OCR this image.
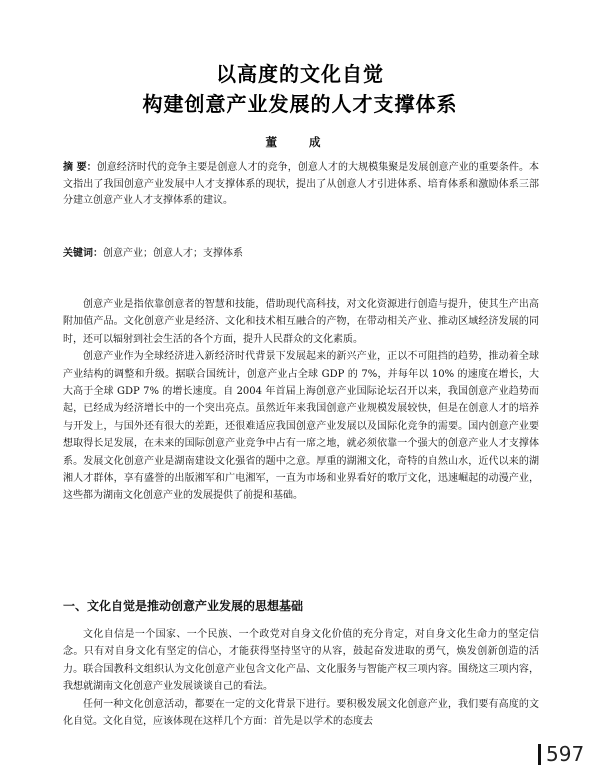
以高度的文化自觉
构建创意产业发展的人才支撑体系
董 成
摘 要：创意经济时代的竞争主要是创意人才的竞争，创意人才的大规模集聚是发展创意产业的重要条件。本文指出了我国创意产业发展中人才支撑体系的现状，提出了从创意人才引进体系、培育体系和激励体系三部分建立创意产业人才支撑体系的建议。
关键词：创意产业；创意人才；支撑体系

创意产业是指依靠创意者的智慧和技能，借助现代高科技，对文化资源进行创造与提升，使其生产出高附加值产品。文化创意产业是经济、文化和技术相互融合的产物，在带动相关产业、推动区域经济发展的同时，还可以辐射到社会生活的各个方面，提升人民群众的文化素质。

创意产业作为全球经济进入新经济时代背景下发展起来的新兴产业，正以不可阻挡的趋势，推动着全球产业结构的调整和升级。据联合国统计，创意产业占全球 GDP 的 7%，并每年以 10% 的速度在增长，大大高于全球 GDP 7% 的增长速度。自 2004 年首届上海创意产业国际论坛召开以来，我国创意产业趋势而起，已经成为经济增长中的一个突出亮点。虽然近年来我国创意产业规模发展较快，但是在创意人才的培养与开发上，与国外还有很大的差距，还很难适应我国创意产业发展以及国际化竞争的需要。国内创意产业要想取得长足发展，在未来的国际创意产业竞争中占有一席之地，就必须依靠一个强大的创意产业人才支撑体系。发展文化创意产业是湖南建设文化强省的题中之意。厚重的湖湘文化，奇特的自然山水，近代以来的湖湘人才群体，享有盛誉的出版湘军和广电湘军，一直为市场和业界看好的歌厅文化，迅速崛起的动漫产业，这些都为湖南文化创意产业的发展提供了前提和基础。

一、文化自觉是推动创意产业发展的思想基础

文化自信是一个国家、一个民族、一个政党对自身文化价值的充分肯定，对自身文化生命力的坚定信念。只有对自身文化有坚定的信心，才能获得坚持坚守的从容，鼓起奋发进取的勇气，焕发创新创造的活力。联合国教科文组织认为文化创意产业包含文化产品、文化服务与智能产权三项内容。围绕这三项内容，我想就湖南文化创意产业发展谈谈自己的看法。

任何一种文化创意活动，都要在一定的文化背景下进行。要积极发展文化创意产业，我们要有高度的文化自觉。文化自觉，应该体现在这样几个方面：首先是以学术的态度去

597
